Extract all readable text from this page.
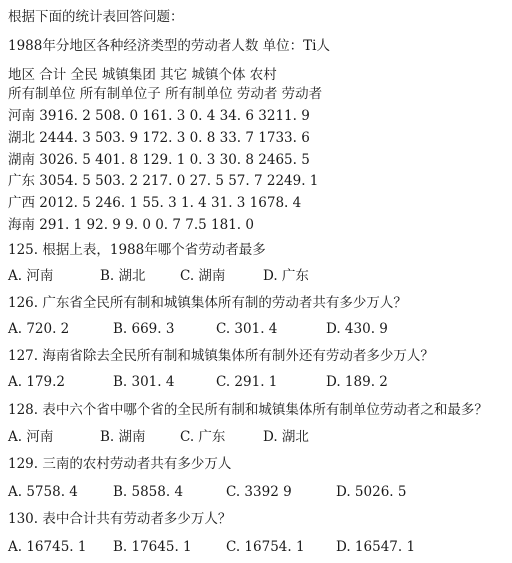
根据下面的统计表回答问题：
1988年分地区各种经济类型的劳动者人数 单位：Ti人
地区 合计 全民 城镇集团 其它 城镇个体 农村
所有制单位 所有制单位子 所有制单位 劳动者 劳动者
河南 3916. 2 508. 0 161. 3 0. 4 34. 6 3211. 9
湖北 2444. 3 503. 9 172. 3 0. 8 33. 7 1733. 6
湖南 3026. 5 401. 8 129. 1 0. 3 30. 8 2465. 5
广东 3054. 5 503. 2 217. 0 27. 5 57. 7 2249. 1
广西 2012. 5 246. 1 55. 3 1. 4 31. 3 1678. 4
海南 291. 1 92. 9 9. 0 0. 7 7.5 181. 0
125. 根据上表，1988年哪个省劳动者最多
A. 河南	B. 湖北	C. 湖南	D. 广东
126. 广东省全民所有制和城镇集体所有制的劳动者共有多少万人？
A. 720. 2	B. 669. 3	C. 301. 4	D. 430. 9
127. 海南省除去全民所有制和城镇集体所有制外还有劳动者多少万人？
A. 179.2	B. 301. 4	C. 291. 1	D. 189. 2
128. 表中六个省中哪个省的全民所有制和城镇集体所有制单位劳动者之和最多？
A. 河南	B. 湖南	C. 广东	D. 湖北
129. 三南的农村劳动者共有多少万人
A. 5758. 4	B. 5858. 4	C. 3392 9	D. 5026. 5
130. 表中合计共有劳动者多少万人？
A. 16745. 1 B. 17645. 1	C. 16754. 1 D. 16547. 1
